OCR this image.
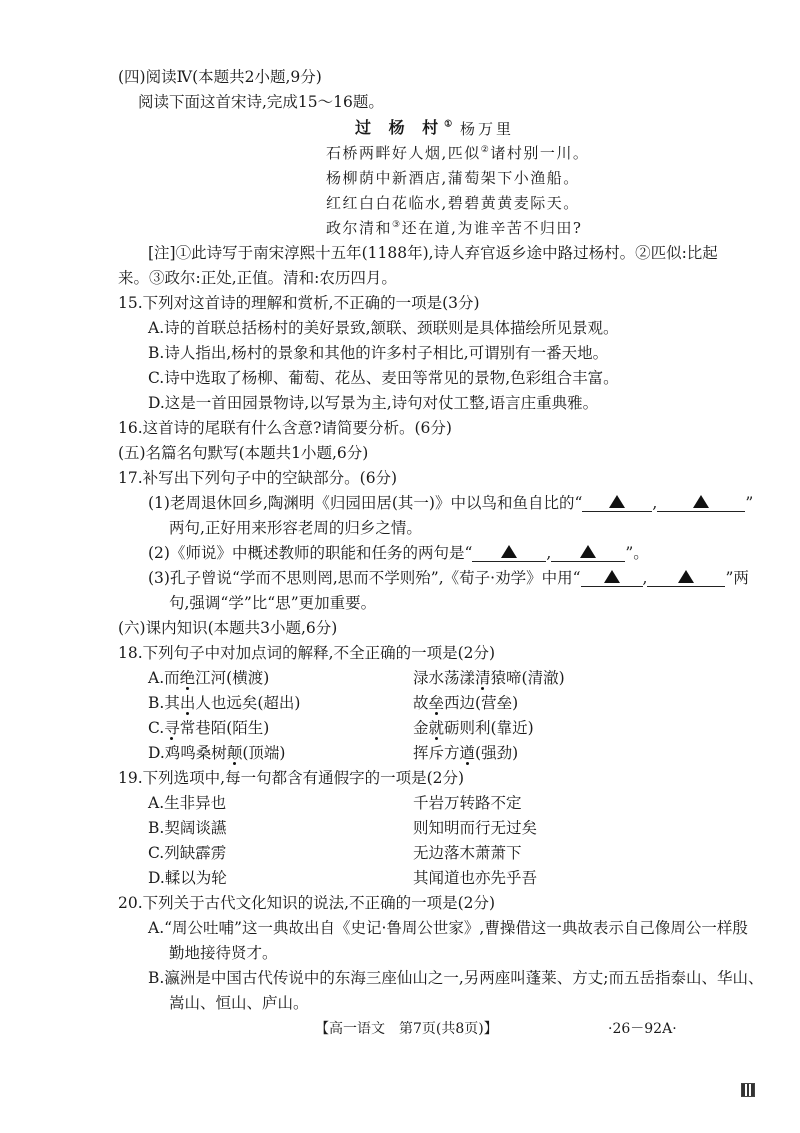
(四)阅读Ⅳ(本题共2小题,9分)
阅读下面这首宋诗,完成15～16题。
过 杨 村① 杨万里
石桥两畔好人烟,匹似②诸村别一川。
杨柳荫中新酒店,蒲萄架下小渔船。
红红白白花临水,碧碧黄黄麦际天。
政尔清和③还在道,为谁辛苦不归田?
[注]①此诗写于南宋淳熙十五年(1188年),诗人弃官返乡途中路过杨村。②匹似:比起
来。③政尔:正处,正值。清和:农历四月。
15.下列对这首诗的理解和赏析,不正确的一项是(3分)
A.诗的首联总括杨村的美好景致,颔联、颈联则是具体描绘所见景观。
B.诗人指出,杨村的景象和其他的许多村子相比,可谓别有一番天地。
C.诗中选取了杨柳、葡萄、花丛、麦田等常见的景物,色彩组合丰富。
D.这是一首田园景物诗,以写景为主,诗句对仗工整,语言庄重典雅。
16.这首诗的尾联有什么含意?请简要分析。(6分)
(五)名篇名句默写(本题共1小题,6分)
17.补写出下列句子中的空缺部分。(6分)
(1)老周退休回乡,陶渊明《归园田居(其一)》中以鸟和鱼自比的“	,	”
两句,正好用来形容老周的归乡之情。
(2)《师说》中概述教师的职能和任务的两句是“	,	”。
(3)孔子曾说“学而不思则罔,思而不学则殆”,《荀子·劝学》中用“	,	”两
句,强调“学”比“思”更加重要。
(六)课内知识(本题共3小题,6分)
18.下列句子中对加点词的解释,不全正确的一项是(2分)
A.而绝江河(横渡)	渌水荡漾清猿啼(清澈)
B.其出人也远矣(超出)	故垒西边(营垒)
C.寻常巷陌(陌生)	金就砺则利(靠近)
D.鸡鸣桑树颠(顶端)	挥斥方遒(强劲)
19.下列选项中,每一句都含有通假字的一项是(2分)
A.生非异也	千岩万转路不定
B.契阔谈讌	则知明而行无过矣
C.列缺霹雳	无边落木萧萧下
D.輮以为轮	其闻道也亦先乎吾
20.下列关于古代文化知识的说法,不正确的一项是(2分)
A.“周公吐哺”这一典故出自《史记·鲁周公世家》,曹操借这一典故表示自己像周公一样殷
勤地接待贤才。
B.瀛洲是中国古代传说中的东海三座仙山之一,另两座叫蓬莱、方丈;而五岳指泰山、华山、
嵩山、恒山、庐山。
【高一语文　第7页(共8页)】	·26－92A·
